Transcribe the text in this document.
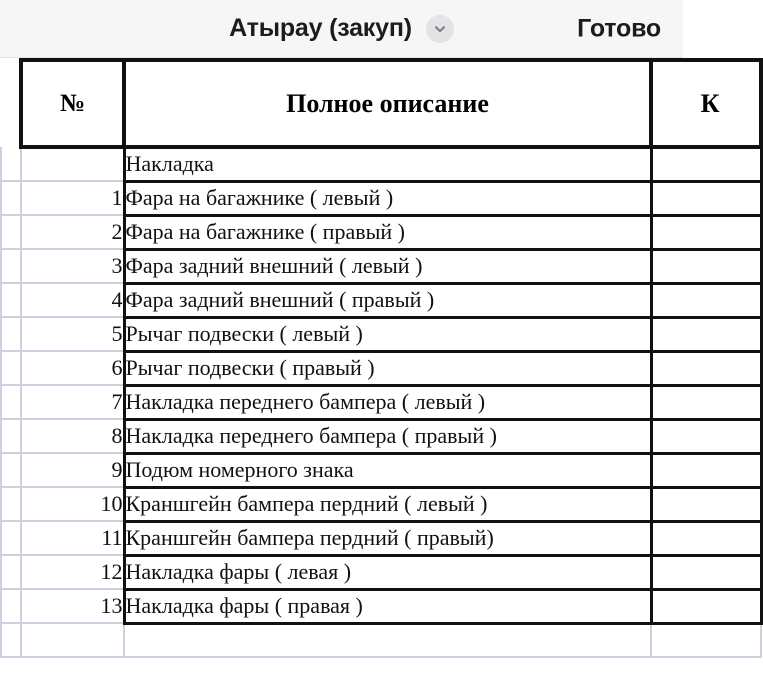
Атырау (закуп)	Готово
	№	Полное описание	К
		Накладка	
	1	Фара на багажнике ( левый )	
	2	Фара на багажнике ( правый )	
	3	Фара задний внешний ( левый )	
	4	Фара задний внешний ( правый )	
	5	Рычаг подвески ( левый )	
	6	Рычаг подвески ( правый )	
	7	Накладка переднего бампера ( левый )	
	8	Накладка переднего бампера ( правый )	
	9	Подюм номерного знака	
	10	Краншгейн бампера пердний ( левый )	
	11	Краншгейн бампера пердний ( правый)	
	12	Накладка фары ( левая )	
	13	Накладка фары ( правая )	
